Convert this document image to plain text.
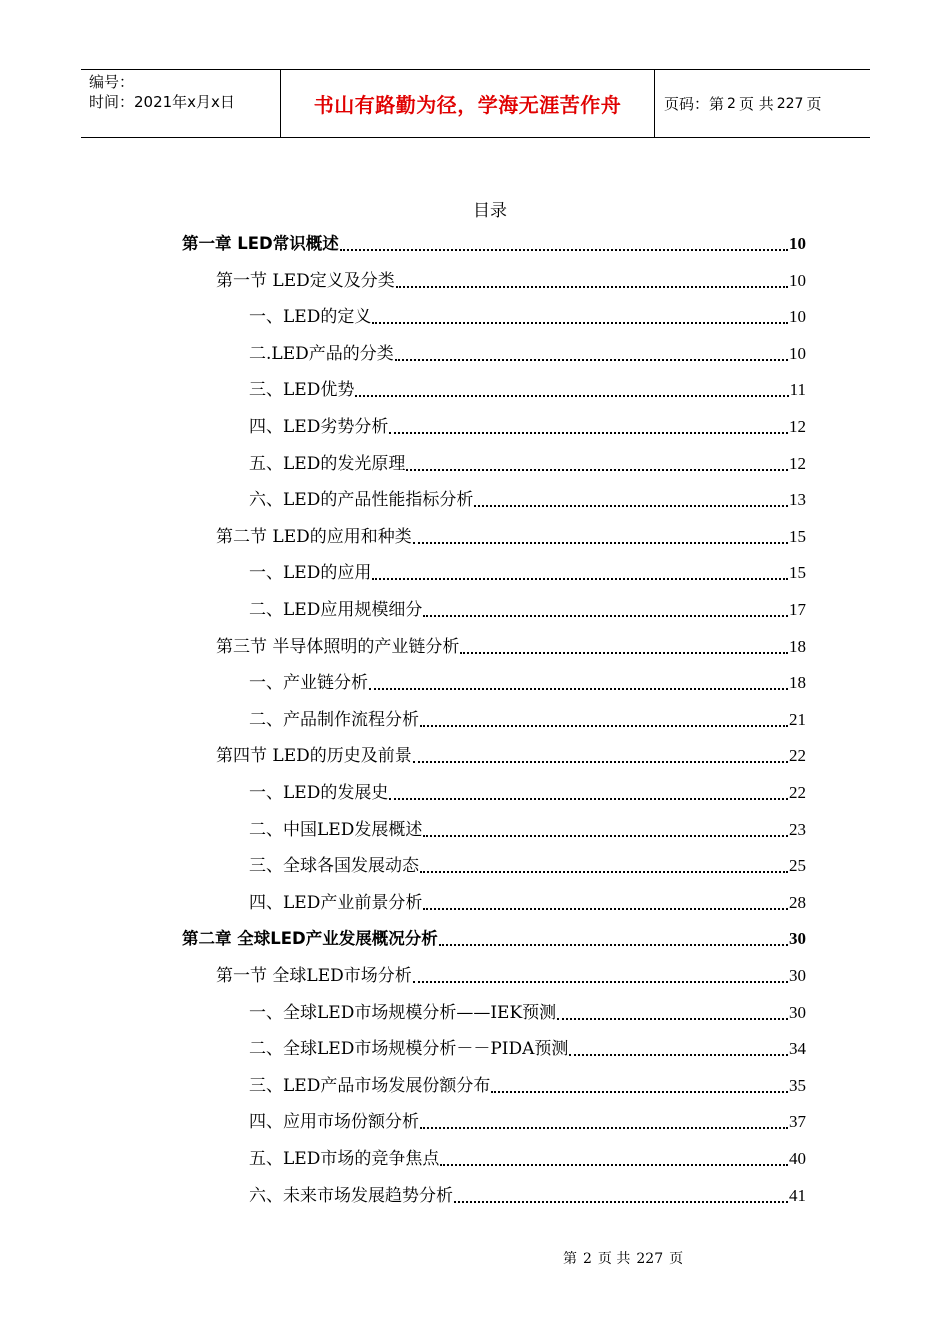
编号：
时间：2021年x月x日	书山有路勤为径，学海无涯苦作舟	页码：第 2 页 共 227 页
目录
第一章 LED常识概述	10
第一节 LED定义及分类	10
一、LED的定义	10
二.LED产品的分类	10
三、LED优势	11
四、LED劣势分析	12
五、LED的发光原理	12
六、LED的产品性能指标分析	13
第二节 LED的应用和种类	15
一、LED的应用	15
二、LED应用规模细分	17
第三节 半导体照明的产业链分析	18
一、产业链分析	18
二、产品制作流程分析	21
第四节 LED的历史及前景	22
一、LED的发展史	22
二、中国LED发展概述	23
三、全球各国发展动态	25
四、LED产业前景分析	28
第二章 全球LED产业发展概况分析	30
第一节 全球LED市场分析	30
一、全球LED市场规模分析——IEK预测	30
二、全球LED市场规模分析－－PIDA预测	34
三、LED产品市场发展份额分布	35
四、应用市场份额分析	37
五、LED市场的竞争焦点	40
六、未来市场发展趋势分析	41
第 2 页 共 227 页
